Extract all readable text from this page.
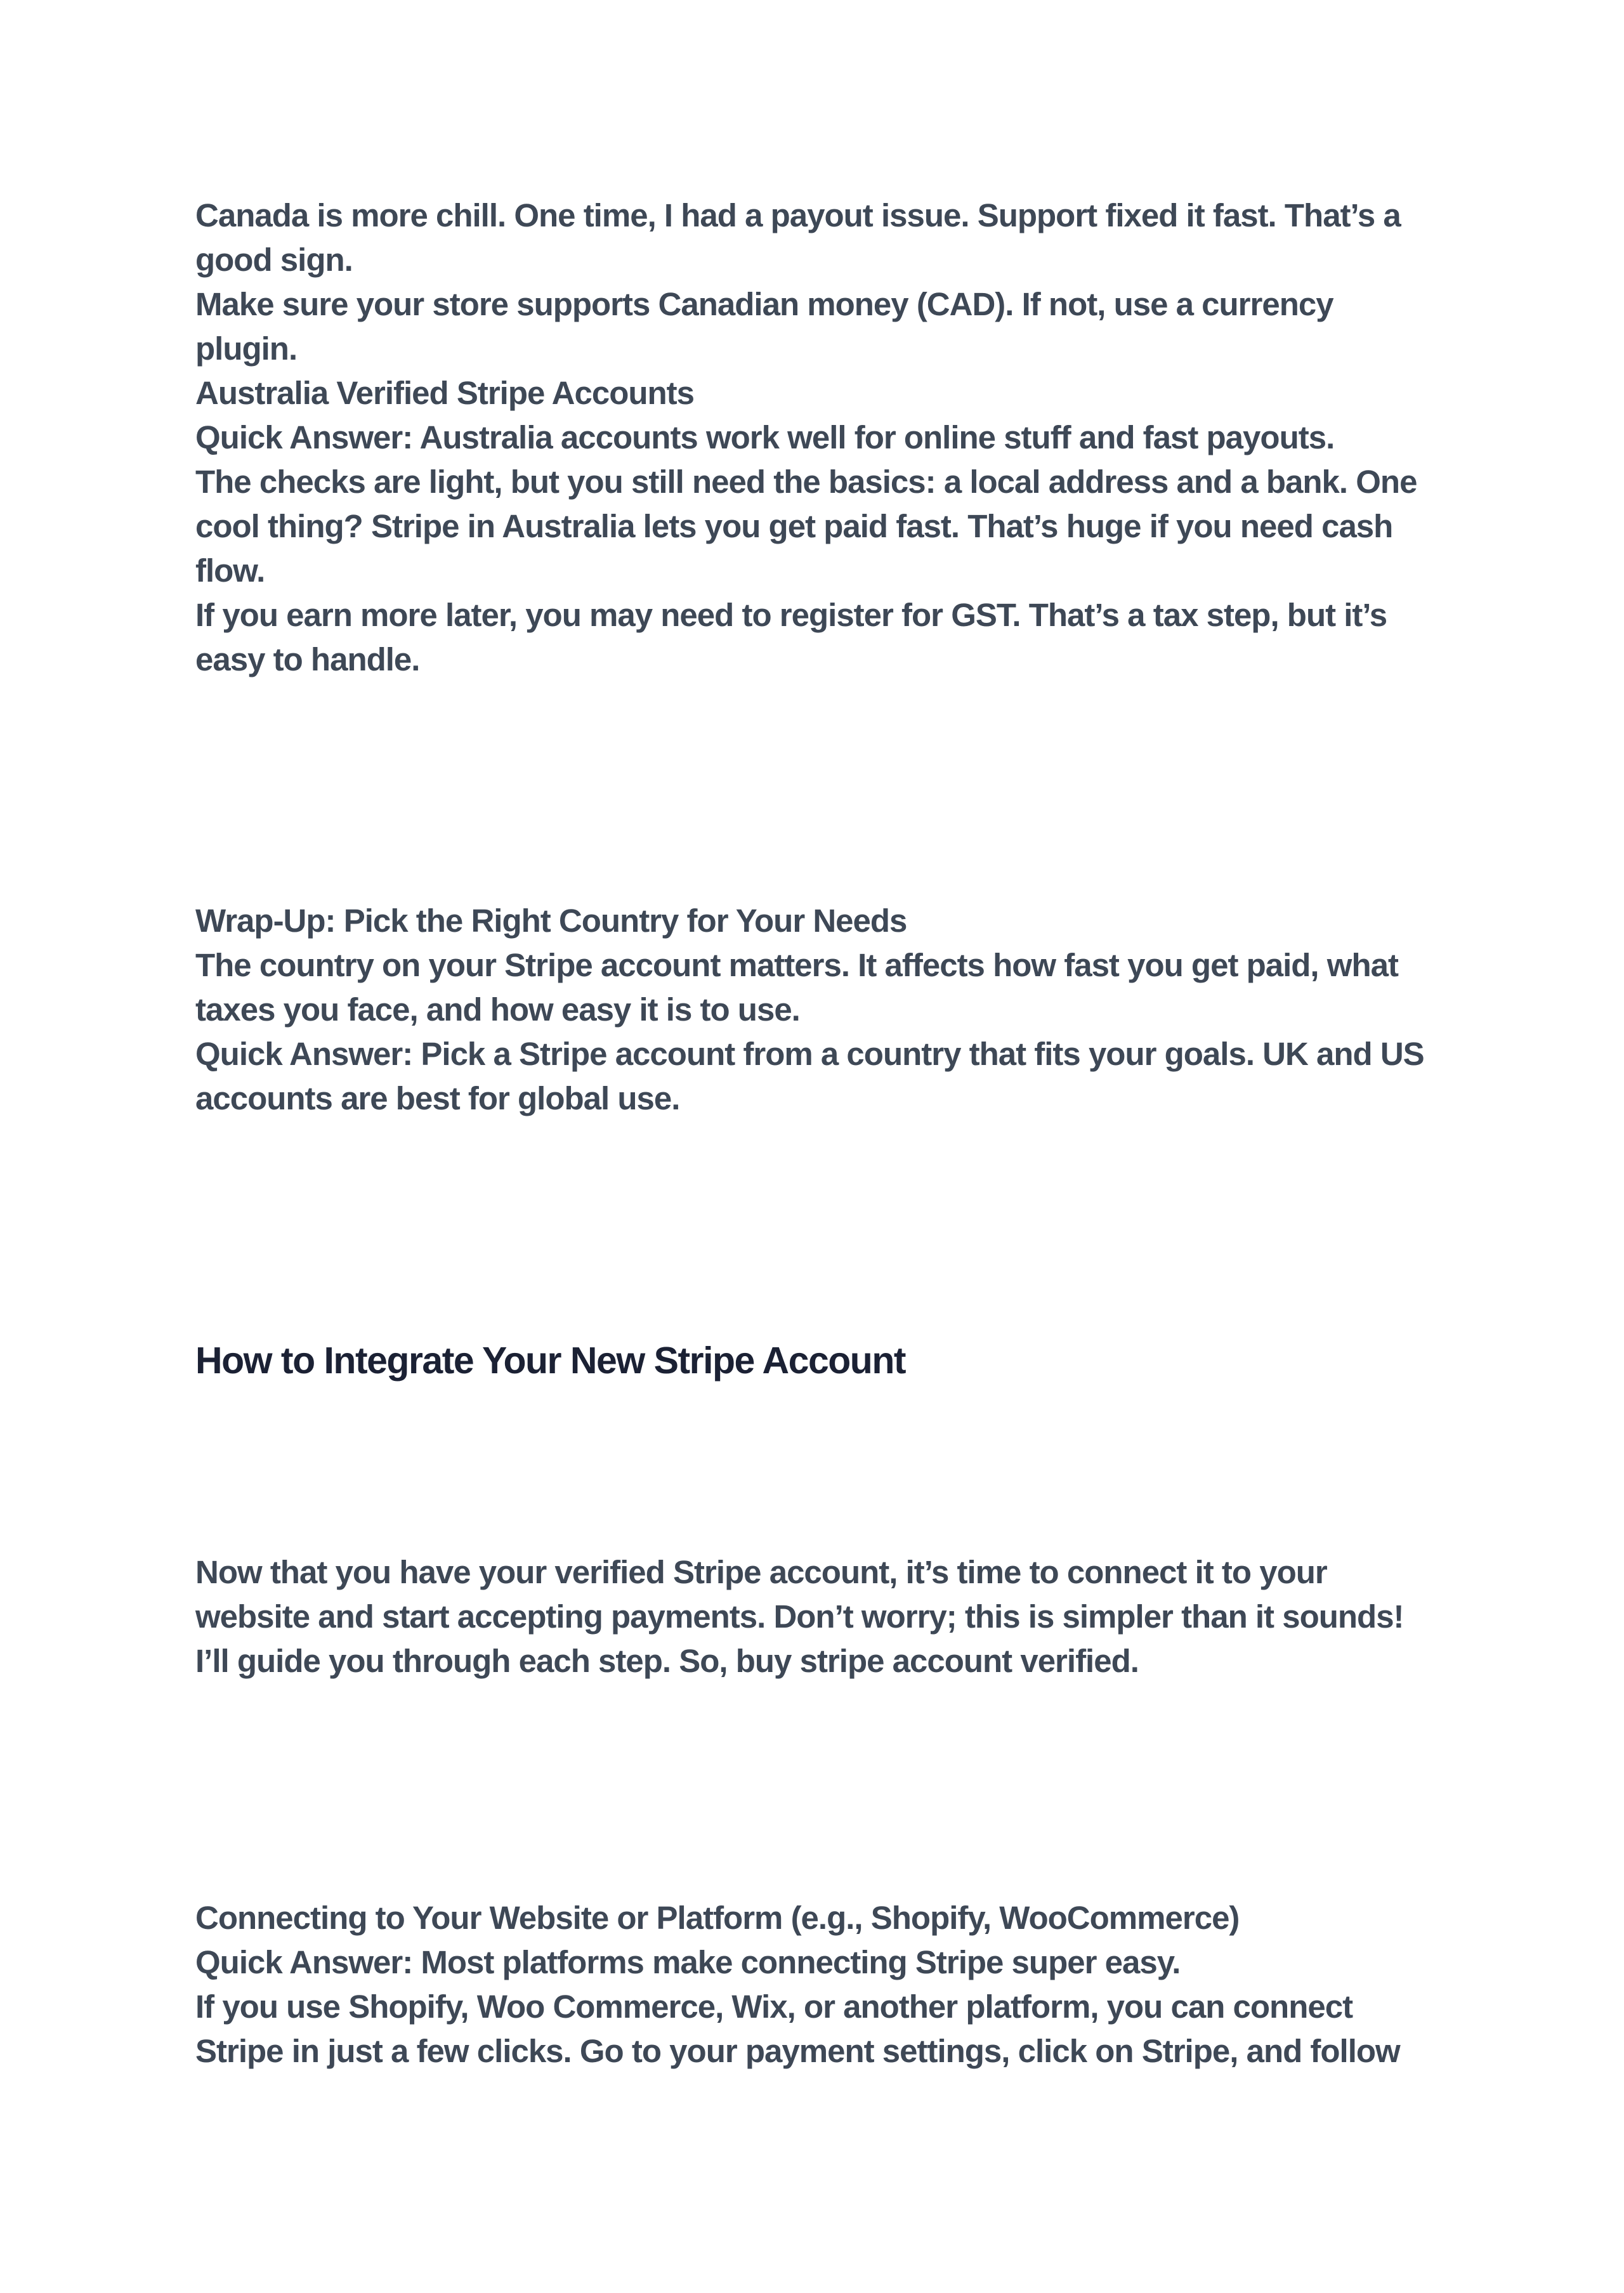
Canada is more chill. One time, I had a payout issue. Support fixed it fast. That’s a

good sign.

Make sure your store supports Canadian money (CAD). If not, use a currency

plugin.

Australia Verified Stripe Accounts

Quick Answer: Australia accounts work well for online stuff and fast payouts.

The checks are light, but you still need the basics: a local address and a bank. One

cool thing? Stripe in Australia lets you get paid fast. That’s huge if you need cash

flow.

If you earn more later, you may need to register for GST. That’s a tax step, but it’s

easy to handle.

Wrap-Up: Pick the Right Country for Your Needs

The country on your Stripe account matters. It affects how fast you get paid, what

taxes you face, and how easy it is to use.

Quick Answer: Pick a Stripe account from a country that fits your goals. UK and US

accounts are best for global use.

How to Integrate Your New Stripe Account

Now that you have your verified Stripe account, it’s time to connect it to your

website and start accepting payments. Don’t worry; this is simpler than it sounds!

I’ll guide you through each step. So, buy stripe account verified.

Connecting to Your Website or Platform (e.g., Shopify, WooCommerce)

Quick Answer: Most platforms make connecting Stripe super easy.

If you use Shopify, Woo Commerce, Wix, or another platform, you can connect

Stripe in just a few clicks. Go to your payment settings, click on Stripe, and follow
